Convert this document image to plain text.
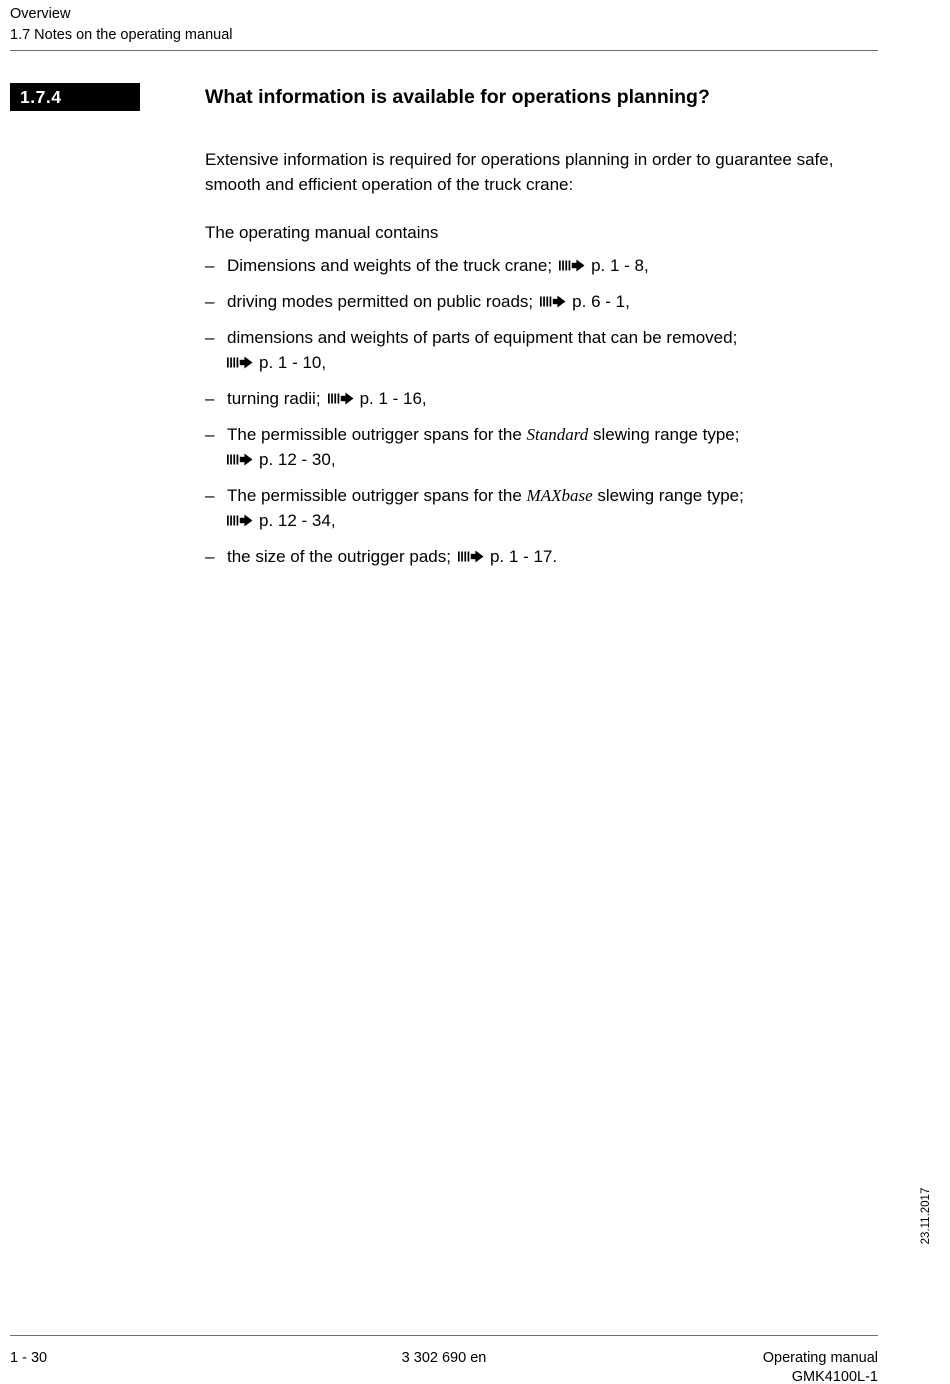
Overview
1.7 Notes on the operating manual
1.7.4	What information is available for operations planning?

Extensive information is required for operations planning in order to guarantee safe, smooth and efficient operation of the truck crane:

The operating manual contains

– Dimensions and weights of the truck crane; p. 1 - 8,
– driving modes permitted on public roads; p. 6 - 1,
– dimensions and weights of parts of equipment that can be removed;
p. 1 - 10,
– turning radii; p. 1 - 16,
– The permissible outrigger spans for the Standard slewing range type;
p. 12 - 30,
– The permissible outrigger spans for the MAXbase slewing range type;
p. 12 - 34,
– the size of the outrigger pads; p. 1 - 17.
23.11.2017
1 - 30	3 302 690 en	Operating manual
GMK4100L-1
